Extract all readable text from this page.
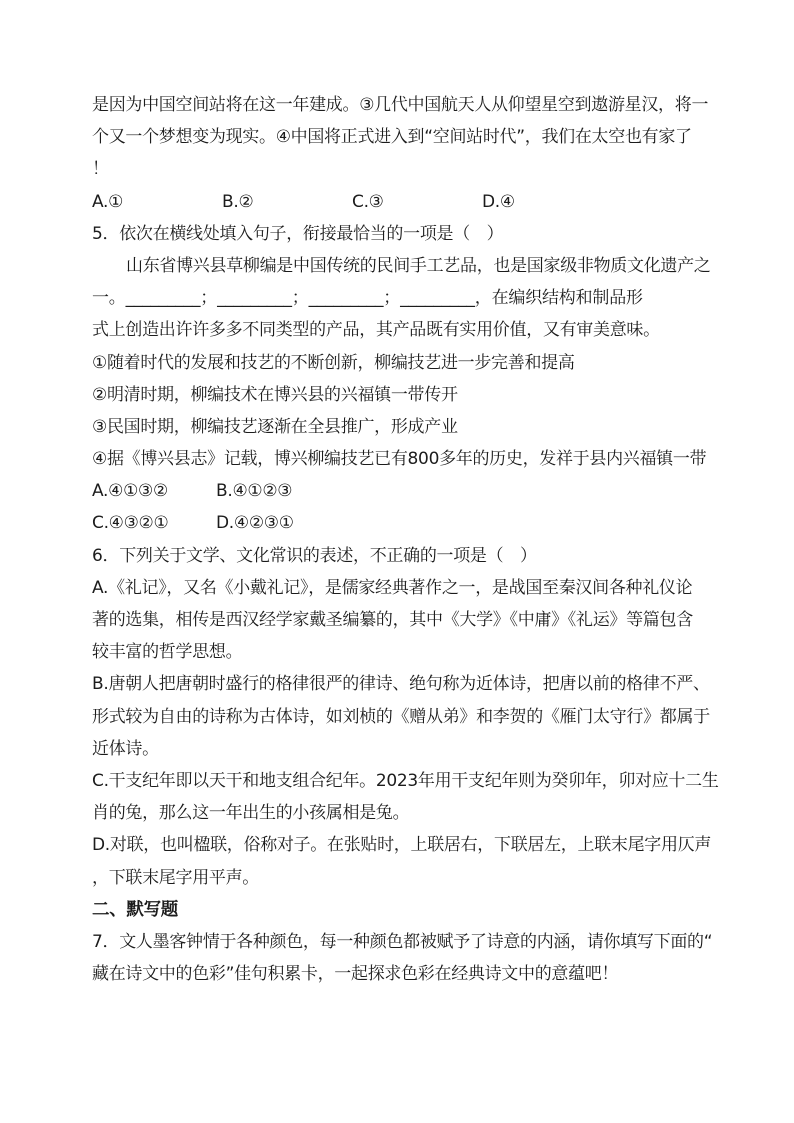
是因为中国空间站将在这一年建成。③几代中国航天人从仰望星空到遨游星汉，将一
个又一个梦想变为现实。④中国将正式进入到“空间站时代”，我们在太空也有家了
！
A.①	B.②	C.③	D.④
5．依次在横线处填入句子，衔接最恰当的一项是（　）
山东省博兴县草柳编是中国传统的民间手工艺品，也是国家级非物质文化遗产之
一。_________；_________；_________；_________，在编织结构和制品形
式上创造出许许多多不同类型的产品，其产品既有实用价值，又有审美意味。
①随着时代的发展和技艺的不断创新，柳编技艺进一步完善和提高
②明清时期，柳编技术在博兴县的兴福镇一带传开
③民国时期，柳编技艺逐渐在全县推广，形成产业
④据《博兴县志》记载，博兴柳编技艺已有800多年的历史，发祥于县内兴福镇一带
A.④①③②	B.④①②③
C.④③②①	D.④②③①
6．下列关于文学、文化常识的表述，不正确的一项是（　）
A.《礼记》，又名《小戴礼记》，是儒家经典著作之一，是战国至秦汉间各种礼仪论
著的选集，相传是西汉经学家戴圣编纂的，其中《大学》《中庸》《礼运》等篇包含
较丰富的哲学思想。
B.唐朝人把唐朝时盛行的格律很严的律诗、绝句称为近体诗，把唐以前的格律不严、
形式较为自由的诗称为古体诗，如刘桢的《赠从弟》和李贺的《雁门太守行》都属于
近体诗。
C.干支纪年即以天干和地支组合纪年。2023年用干支纪年则为癸卯年，卯对应十二生
肖的兔，那么这一年出生的小孩属相是兔。
D.对联，也叫楹联，俗称对子。在张贴时，上联居右，下联居左，上联末尾字用仄声
，下联末尾字用平声。
二、默写题
7．文人墨客钟情于各种颜色，每一种颜色都被赋予了诗意的内涵，请你填写下面的“
藏在诗文中的色彩”佳句积累卡，一起探求色彩在经典诗文中的意蕴吧！
